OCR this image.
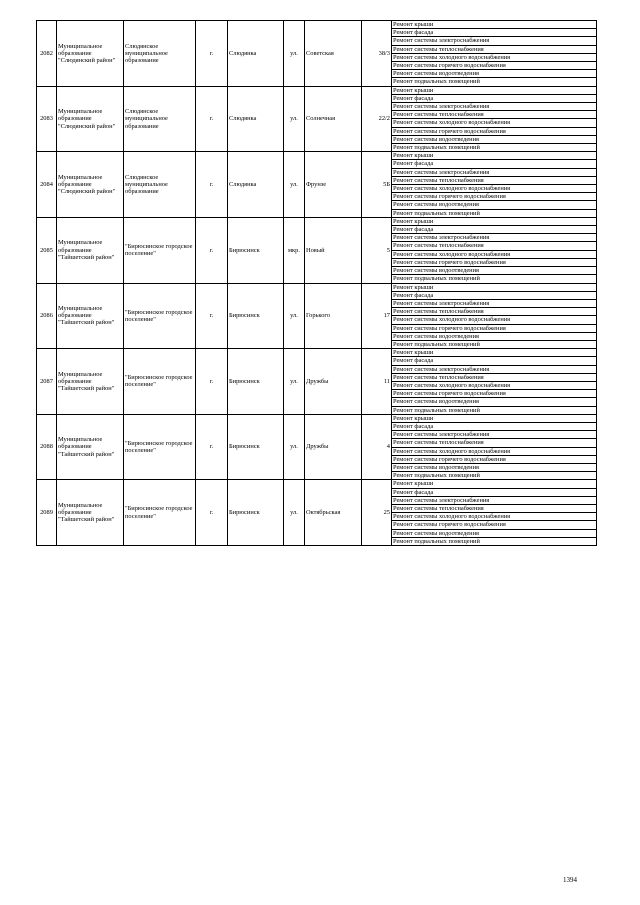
2082	Муниципальное образование "Слюдянский район"	Слюдянское муниципальное образование	г.	Слюдянка	ул.	Советская	38/3	Ремонт крыши
								Ремонт фасада
								Ремонт системы электроснабжения
								Ремонт системы теплоснабжения
								Ремонт системы холодного водоснабжения
								Ремонт системы горячего водоснабжения
								Ремонт системы водоотведения
								Ремонт подвальных помещений
2083	Муниципальное образование "Слюдянский район"	Слюдянское муниципальное образование	г.	Слюдянка	ул.	Солнечная	22/2	Ремонт крыши
								Ремонт фасада
								Ремонт системы электроснабжения
								Ремонт системы теплоснабжения
								Ремонт системы холодного водоснабжения
								Ремонт системы горячего водоснабжения
								Ремонт системы водоотведения
								Ремонт подвальных помещений
2084	Муниципальное образование "Слюдянский район"	Слюдянское муниципальное образование	г.	Слюдянка	ул.	Фрунзе	5Б	Ремонт крыши
								Ремонт фасада
								Ремонт системы электроснабжения
								Ремонт системы теплоснабжения
								Ремонт системы холодного водоснабжения
								Ремонт системы горячего водоснабжения
								Ремонт системы водоотведения
								Ремонт подвальных помещений
2085	Муниципальное образование "Тайшетский район"	"Бирюсинское городское поселение"	г.	Бирюсинск	мкр.	Новый	5	Ремонт крыши
								Ремонт фасада
								Ремонт системы электроснабжения
								Ремонт системы теплоснабжения
								Ремонт системы холодного водоснабжения
								Ремонт системы горячего водоснабжения
								Ремонт системы водоотведения
								Ремонт подвальных помещений
2086	Муниципальное образование "Тайшетский район"	"Бирюсинское городское поселение"	г.	Бирюсинск	ул.	Горького	17	Ремонт крыши
								Ремонт фасада
								Ремонт системы электроснабжения
								Ремонт системы теплоснабжения
								Ремонт системы холодного водоснабжения
								Ремонт системы горячего водоснабжения
								Ремонт системы водоотведения
								Ремонт подвальных помещений
2087	Муниципальное образование "Тайшетский район"	"Бирюсинское городское поселение"	г.	Бирюсинск	ул.	Дружбы	11	Ремонт крыши
								Ремонт фасада
								Ремонт системы электроснабжения
								Ремонт системы теплоснабжения
								Ремонт системы холодного водоснабжения
								Ремонт системы горячего водоснабжения
								Ремонт системы водоотведения
								Ремонт подвальных помещений
2088	Муниципальное образование "Тайшетский район"	"Бирюсинское городское поселение"	г.	Бирюсинск	ул.	Дружбы	4	Ремонт крыши
								Ремонт фасада
								Ремонт системы электроснабжения
								Ремонт системы теплоснабжения
								Ремонт системы холодного водоснабжения
								Ремонт системы горячего водоснабжения
								Ремонт системы водоотведения
								Ремонт подвальных помещений
2089	Муниципальное образование "Тайшетский район"	"Бирюсинское городское поселение"	г.	Бирюсинск	ул.	Октябрьская	25	Ремонт крыши
								Ремонт фасада
								Ремонт системы электроснабжения
								Ремонт системы теплоснабжения
								Ремонт системы холодного водоснабжения
								Ремонт системы горячего водоснабжения
								Ремонт системы водоотведения
								Ремонт подвальных помещений
1394
